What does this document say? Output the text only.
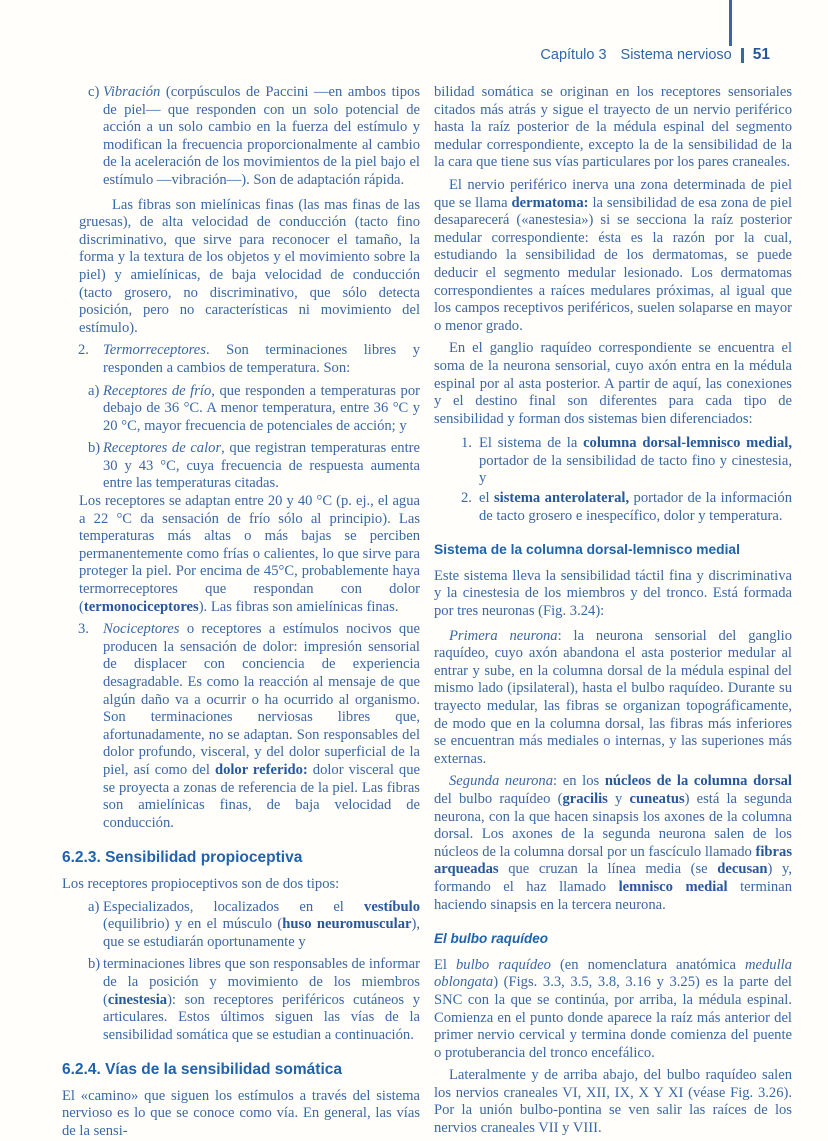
Capítulo 3 Sistema nervioso 51
c) Vibración (corpúsculos de Paccini —en ambos tipos de piel— que responden con un solo potencial de acción a un solo cambio en la fuerza del estímulo y modifican la frecuencia proporcionalmente al cambio de la aceleración de los movimientos de la piel bajo el estímulo —vibración—). Son de adaptación rápida.
Las fibras son mielínicas finas (las mas finas de las gruesas), de alta velocidad de conducción (tacto fino discriminativo, que sirve para reconocer el tamaño, la forma y la textura de los objetos y el movimiento sobre la piel) y amielínicas, de baja velocidad de conducción (tacto grosero, no discriminativo, que sólo detecta posición, pero no características ni movimiento del estímulo).
2. Termorreceptores. Son terminaciones libres y responden a cambios de temperatura. Son:
a) Receptores de frío, que responden a temperaturas por debajo de 36 °C. A menor temperatura, entre 36 °C y 20 °C, mayor frecuencia de potenciales de acción; y
b) Receptores de calor, que registran temperaturas entre 30 y 43 °C, cuya frecuencia de respuesta aumenta entre las temperaturas citadas.
Los receptores se adaptan entre 20 y 40 °C (p. ej., el agua a 22 °C da sensación de frío sólo al principio). Las temperaturas más altas o más bajas se perciben permanentemente como frías o calientes, lo que sirve para proteger la piel. Por encima de 45°C, probablemente haya termorreceptores que respondan con dolor (termonociceptores). Las fibras son amielínicas finas.
3. Nociceptores o receptores a estímulos nocivos que producen la sensación de dolor: impresión sensorial de displacer con conciencia de experiencia desagradable. Es como la reacción al mensaje de que algún daño va a ocurrir o ha ocurrido al organismo. Son terminaciones nerviosas libres que, afortunadamente, no se adaptan. Son responsables del dolor profundo, visceral, y del dolor superficial de la piel, así como del dolor referido: dolor visceral que se proyecta a zonas de referencia de la piel. Las fibras son amielínicas finas, de baja velocidad de conducción.
6.2.3. Sensibilidad propioceptiva
Los receptores propioceptivos son de dos tipos:
a) Especializados, localizados en el vestíbulo (equilibrio) y en el músculo (huso neuromuscular), que se estudiarán oportunamente y
b) terminaciones libres que son responsables de informar de la posición y movimiento de los miembros (cinestesia): son receptores periféricos cutáneos y articulares. Estos últimos siguen las vías de la sensibilidad somática que se estudian a continuación.
6.2.4. Vías de la sensibilidad somática
El «camino» que siguen los estímulos a través del sistema nervioso es lo que se conoce como vía. En general, las vías de la sensi-
bilidad somática se originan en los receptores sensoriales citados más atrás y sigue el trayecto de un nervio periférico hasta la raíz posterior de la médula espinal del segmento medular correspondiente, excepto la de la sensibilidad de la la cara que tiene sus vías particulares por los pares craneales.
El nervio periférico inerva una zona determinada de piel que se llama dermatoma: la sensibilidad de esa zona de piel desaparecerá («anestesia») si se secciona la raíz posterior medular correspondiente: ésta es la razón por la cual, estudiando la sensibilidad de los dermatomas, se puede deducir el segmento medular lesionado. Los dermatomas correspondientes a raíces medulares próximas, al igual que los campos receptivos periféricos, suelen solaparse en mayor o menor grado.
En el ganglio raquídeo correspondiente se encuentra el soma de la neurona sensorial, cuyo axón entra en la médula espinal por al asta posterior. A partir de aquí, las conexiones y el destino final son diferentes para cada tipo de sensibilidad y forman dos sistemas bien diferenciados:
1. El sistema de la columna dorsal-lemnisco medial, portador de la sensibilidad de tacto fino y cinestesia, y
2. el sistema anterolateral, portador de la información de tacto grosero e inespecífico, dolor y temperatura.
Sistema de la columna dorsal-lemnisco medial
Este sistema lleva la sensibilidad táctil fina y discriminativa y la cinestesia de los miembros y del tronco. Está formada por tres neuronas (Fig. 3.24):
Primera neurona: la neurona sensorial del ganglio raquídeo, cuyo axón abandona el asta posterior medular al entrar y sube, en la columna dorsal de la médula espinal del mismo lado (ipsilateral), hasta el bulbo raquídeo. Durante su trayecto medular, las fibras se organizan topográficamente, de modo que en la columna dorsal, las fibras más inferiores se encuentran más mediales o internas, y las superiones más externas.
Segunda neurona: en los núcleos de la columna dorsal del bulbo raquídeo (gracilis y cuneatus) está la segunda neurona, con la que hacen sinapsis los axones de la columna dorsal. Los axones de la segunda neurona salen de los núcleos de la columna dorsal por un fascículo llamado fibras arqueadas que cruzan la línea media (se decusan) y, formando el haz llamado lemnisco medial terminan haciendo sinapsis en la tercera neurona.
El bulbo raquídeo
El bulbo raquídeo (en nomenclatura anatómica medulla oblongata) (Figs. 3.3, 3.5, 3.8, 3.16 y 3.25) es la parte del SNC con la que se continúa, por arriba, la médula espinal. Comienza en el punto donde aparece la raíz más anterior del primer nervio cervical y termina donde comienza del puente o protuberancia del tronco encefálico.
Lateralmente y de arriba abajo, del bulbo raquídeo salen los nervios craneales VI, XII, IX, X Y XI (véase Fig. 3.26). Por la unión bulbo-pontina se ven salir las raíces de los nervios craneales VII y VIII.
